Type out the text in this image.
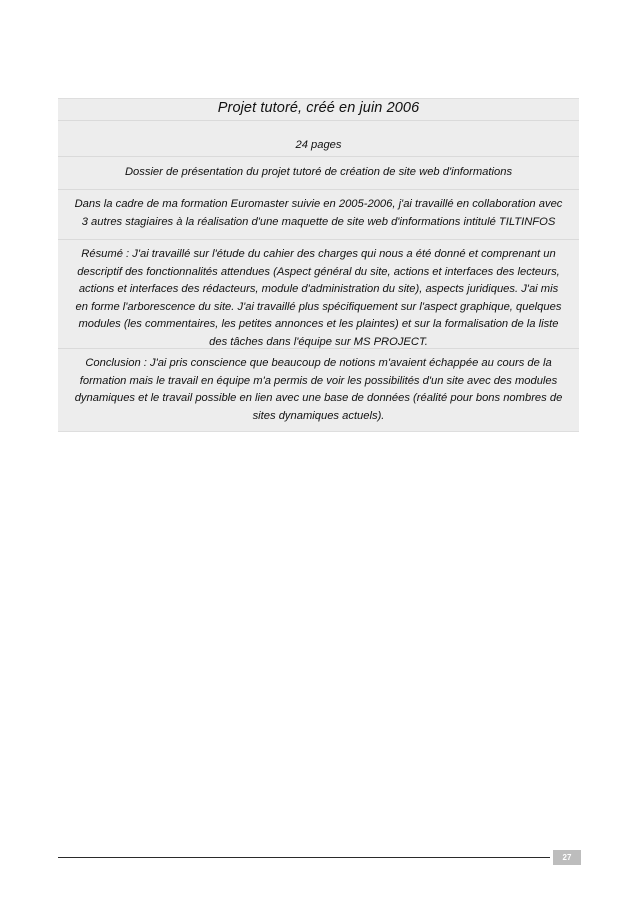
Projet tutoré, créé en juin 2006
24 pages
Dossier de présentation du projet tutoré de création de site web d'informations
Dans la cadre de ma formation Euromaster suivie en 2005-2006, j'ai travaillé en collaboration avec
3 autres stagiaires à la réalisation d'une maquette de site web d'informations intitulé TILTINFOS
Résumé : J'ai travaillé sur l'étude du cahier des charges qui nous a été donné et comprenant un
descriptif des fonctionnalités attendues (Aspect général du site, actions et interfaces des lecteurs,
actions et interfaces des rédacteurs, module d'administration du site), aspects juridiques. J'ai mis
en forme l'arborescence du site. J'ai travaillé plus spécifiquement sur l'aspect graphique, quelques
modules (les commentaires, les petites annonces et les plaintes) et sur la formalisation de la liste
des tâches dans l'équipe sur MS PROJECT.
Conclusion : J'ai pris conscience que beaucoup de notions m'avaient échappée au cours de la
formation mais le travail en équipe m'a permis de voir les possibilités d'un site avec des modules
dynamiques et le travail possible en lien avec une base de données (réalité pour bons nombres de
sites dynamiques actuels).
27
